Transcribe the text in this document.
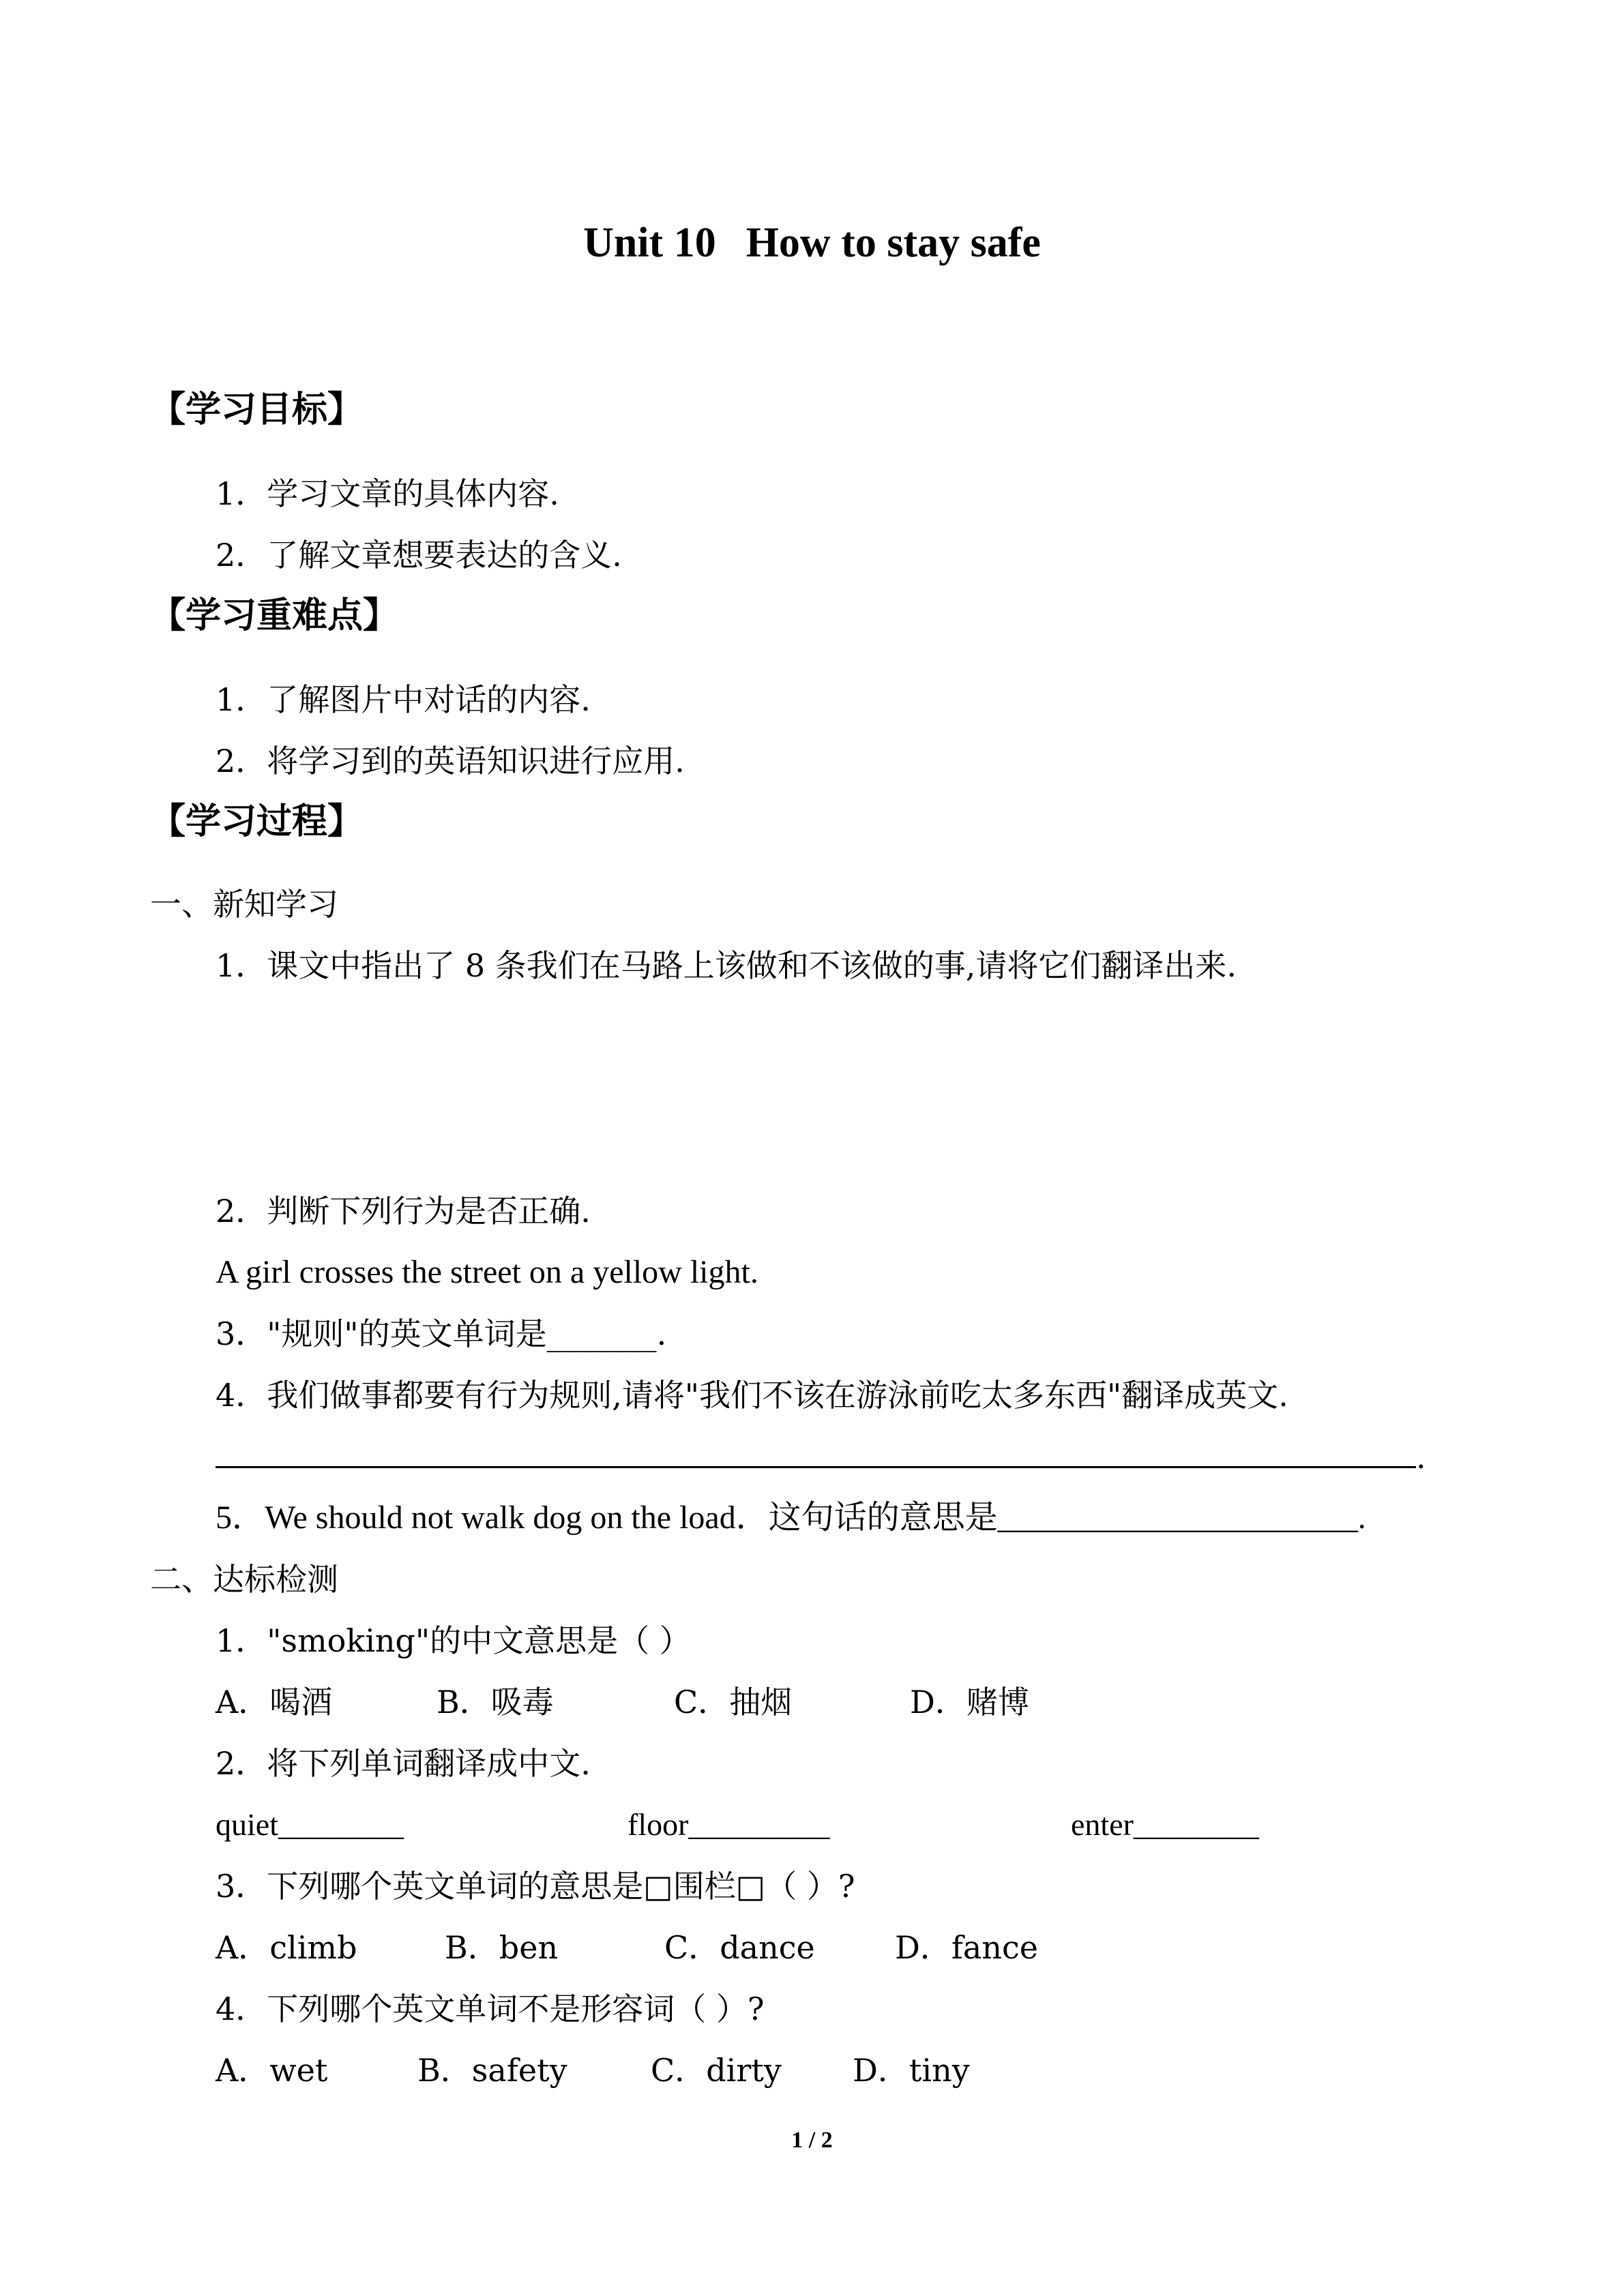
Unit 10 How to stay safe
【学习目标】
1．学习文章的具体内容.
2．了解文章想要表达的含义.
【学习重难点】
1．了解图片中对话的内容.
2．将学习到的英语知识进行应用.
【学习过程】
一、新知学习
1．课文中指出了 8 条我们在马路上该做和不该做的事,请将它们翻译出来.
2．判断下列行为是否正确.
A girl crosses the street on a yellow light.
3．"规则"的英文单词是_______.
4．我们做事都要有行为规则,请将"我们不该在游泳前吃太多东西"翻译成英文.
.
5．We should not walk dog on the load．这句话的意思是______________________.
二、达标检测
1．"smoking"的中文意思是（ ）
A．喝酒	B．吸毒	C．抽烟	D．赌博
2．将下列单词翻译成中文.
quiet________	floor_________	enter________
3．下列哪个英文单词的意思是□围栏□（ ）?
A．climb	B．ben	C．dance	D．fance
4．下列哪个英文单词不是形容词（ ）?
A．wet	B．safety	C．dirty D．tiny
1 / 2
